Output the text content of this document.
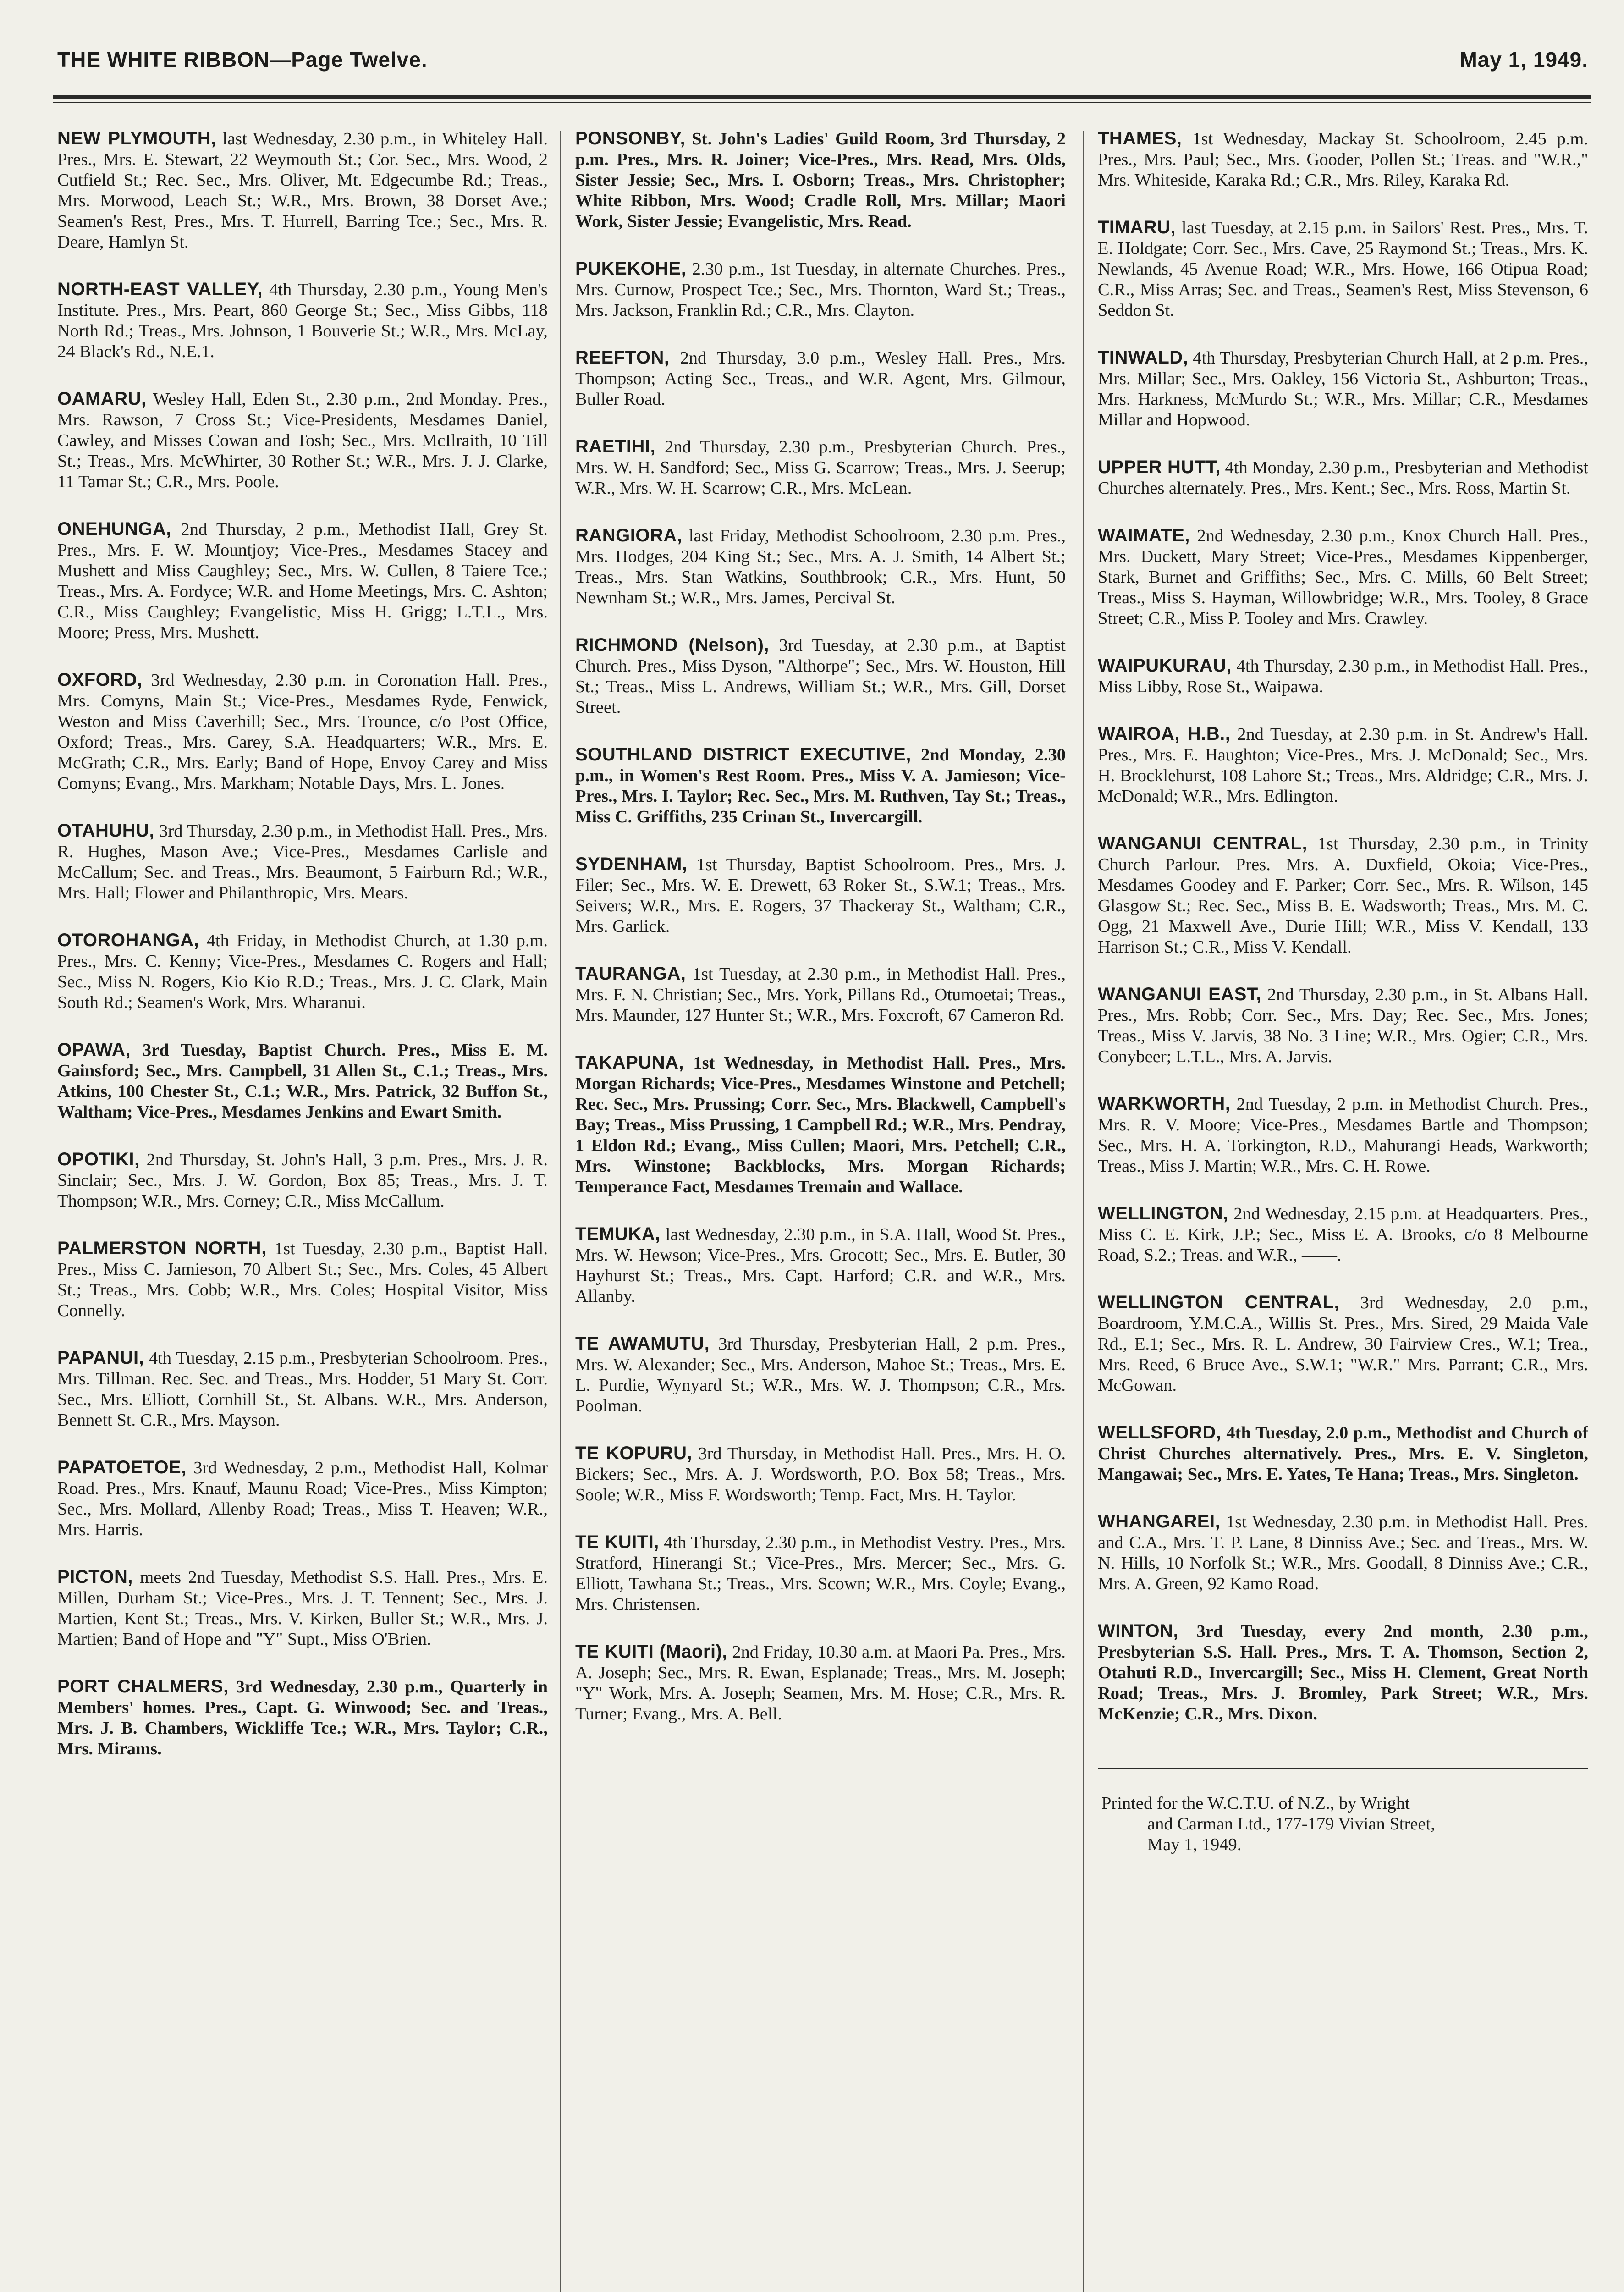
THE WHITE RIBBON—Page Twelve.	May 1, 1949.

NEW PLYMOUTH, last Wednesday, 2.30 p.m., in Whiteley Hall. Pres., Mrs. E. Stewart, 22 Weymouth St.; Cor. Sec., Mrs. Wood, 2 Cutfield St.; Rec. Sec., Mrs. Oliver, Mt. Edgecumbe Rd.; Treas., Mrs. Morwood, Leach St.; W.R., Mrs. Brown, 38 Dorset Ave.; Seamen's Rest, Pres., Mrs. T. Hurrell, Barring Tce.; Sec., Mrs. R. Deare, Hamlyn St.

NORTH-EAST VALLEY, 4th Thursday, 2.30 p.m., Young Men's Institute. Pres., Mrs. Peart, 860 George St.; Sec., Miss Gibbs, 118 North Rd.; Treas., Mrs. Johnson, 1 Bouverie St.; W.R., Mrs. McLay, 24 Black's Rd., N.E.1.

OAMARU, Wesley Hall, Eden St., 2.30 p.m., 2nd Monday. Pres., Mrs. Rawson, 7 Cross St.; Vice-Presidents, Mesdames Daniel, Cawley, and Misses Cowan and Tosh; Sec., Mrs. McIlraith, 10 Till St.; Treas., Mrs. McWhirter, 30 Rother St.; W.R., Mrs. J. J. Clarke, 11 Tamar St.; C.R., Mrs. Poole.

ONEHUNGA, 2nd Thursday, 2 p.m., Methodist Hall, Grey St. Pres., Mrs. F. W. Mountjoy; Vice-Pres., Mesdames Stacey and Mushett and Miss Caughley; Sec., Mrs. W. Cullen, 8 Taiere Tce.; Treas., Mrs. A. Fordyce; W.R. and Home Meetings, Mrs. C. Ashton; C.R., Miss Caughley; Evangelistic, Miss H. Grigg; L.T.L., Mrs. Moore; Press, Mrs. Mushett.

OXFORD, 3rd Wednesday, 2.30 p.m. in Coronation Hall. Pres., Mrs. Comyns, Main St.; Vice-Pres., Mesdames Ryde, Fenwick, Weston and Miss Caverhill; Sec., Mrs. Trounce, c/o Post Office, Oxford; Treas., Mrs. Carey, S.A. Headquarters; W.R., Mrs. E. McGrath; C.R., Mrs. Early; Band of Hope, Envoy Carey and Miss Comyns; Evang., Mrs. Markham; Notable Days, Mrs. L. Jones.

OTAHUHU, 3rd Thursday, 2.30 p.m., in Methodist Hall. Pres., Mrs. R. Hughes, Mason Ave.; Vice-Pres., Mesdames Carlisle and McCallum; Sec. and Treas., Mrs. Beaumont, 5 Fairburn Rd.; W.R., Mrs. Hall; Flower and Philanthropic, Mrs. Mears.

OTOROHANGA, 4th Friday, in Methodist Church, at 1.30 p.m. Pres., Mrs. C. Kenny; Vice-Pres., Mesdames C. Rogers and Hall; Sec., Miss N. Rogers, Kio Kio R.D.; Treas., Mrs. J. C. Clark, Main South Rd.; Seamen's Work, Mrs. Wharanui.

OPAWA, 3rd Tuesday, Baptist Church. Pres., Miss E. M. Gainsford; Sec., Mrs. Campbell, 31 Allen St., C.1.; Treas., Mrs. Atkins, 100 Chester St., C.1.; W.R., Mrs. Patrick, 32 Buffon St., Waltham; Vice-Pres., Mesdames Jenkins and Ewart Smith.

OPOTIKI, 2nd Thursday, St. John's Hall, 3 p.m. Pres., Mrs. J. R. Sinclair; Sec., Mrs. J. W. Gordon, Box 85; Treas., Mrs. J. T. Thompson; W.R., Mrs. Corney; C.R., Miss McCallum.

PALMERSTON NORTH, 1st Tuesday, 2.30 p.m., Baptist Hall. Pres., Miss C. Jamieson, 70 Albert St.; Sec., Mrs. Coles, 45 Albert St.; Treas., Mrs. Cobb; W.R., Mrs. Coles; Hospital Visitor, Miss Connelly.

PAPANUI, 4th Tuesday, 2.15 p.m., Presbyterian Schoolroom. Pres., Mrs. Tillman. Rec. Sec. and Treas., Mrs. Hodder, 51 Mary St. Corr. Sec., Mrs. Elliott, Cornhill St., St. Albans. W.R., Mrs. Anderson, Bennett St. C.R., Mrs. Mayson.

PAPATOETOE, 3rd Wednesday, 2 p.m., Methodist Hall, Kolmar Road. Pres., Mrs. Knauf, Maunu Road; Vice-Pres., Miss Kimpton; Sec., Mrs. Mollard, Allenby Road; Treas., Miss T. Heaven; W.R., Mrs. Harris.

PICTON, meets 2nd Tuesday, Methodist S.S. Hall. Pres., Mrs. E. Millen, Durham St.; Vice-Pres., Mrs. J. T. Tennent; Sec., Mrs. J. Martien, Kent St.; Treas., Mrs. V. Kirken, Buller St.; W.R., Mrs. J. Martien; Band of Hope and "Y" Supt., Miss O'Brien.

PORT CHALMERS, 3rd Wednesday, 2.30 p.m., Quarterly in Members' homes. Pres., Capt. G. Winwood; Sec. and Treas., Mrs. J. B. Chambers, Wickliffe Tce.; W.R., Mrs. Taylor; C.R., Mrs. Mirams.

PONSONBY, St. John's Ladies' Guild Room, 3rd Thursday, 2 p.m. Pres., Mrs. R. Joiner; Vice-Pres., Mrs. Read, Mrs. Olds, Sister Jessie; Sec., Mrs. I. Osborn; Treas., Mrs. Christopher; White Ribbon, Mrs. Wood; Cradle Roll, Mrs. Millar; Maori Work, Sister Jessie; Evangelistic, Mrs. Read.

PUKEKOHE, 2.30 p.m., 1st Tuesday, in alternate Churches. Pres., Mrs. Curnow, Prospect Tce.; Sec., Mrs. Thornton, Ward St.; Treas., Mrs. Jackson, Franklin Rd.; C.R., Mrs. Clayton.

REEFTON, 2nd Thursday, 3.0 p.m., Wesley Hall. Pres., Mrs. Thompson; Acting Sec., Treas., and W.R. Agent, Mrs. Gilmour, Buller Road.

RAETIHI, 2nd Thursday, 2.30 p.m., Presbyterian Church. Pres., Mrs. W. H. Sandford; Sec., Miss G. Scarrow; Treas., Mrs. J. Seerup; W.R., Mrs. W. H. Scarrow; C.R., Mrs. McLean.

RANGIORA, last Friday, Methodist Schoolroom, 2.30 p.m. Pres., Mrs. Hodges, 204 King St.; Sec., Mrs. A. J. Smith, 14 Albert St.; Treas., Mrs. Stan Watkins, Southbrook; C.R., Mrs. Hunt, 50 Newnham St.; W.R., Mrs. James, Percival St.

RICHMOND (Nelson), 3rd Tuesday, at 2.30 p.m., at Baptist Church. Pres., Miss Dyson, "Althorpe"; Sec., Mrs. W. Houston, Hill St.; Treas., Miss L. Andrews, William St.; W.R., Mrs. Gill, Dorset Street.

SOUTHLAND DISTRICT EXECUTIVE, 2nd Monday, 2.30 p.m., in Women's Rest Room. Pres., Miss V. A. Jamieson; Vice-Pres., Mrs. I. Taylor; Rec. Sec., Mrs. M. Ruthven, Tay St.; Treas., Miss C. Griffiths, 235 Crinan St., Invercargill.

SYDENHAM, 1st Thursday, Baptist Schoolroom. Pres., Mrs. J. Filer; Sec., Mrs. W. E. Drewett, 63 Roker St., S.W.1; Treas., Mrs. Seivers; W.R., Mrs. E. Rogers, 37 Thackeray St., Waltham; C.R., Mrs. Garlick.

TAURANGA, 1st Tuesday, at 2.30 p.m., in Methodist Hall. Pres., Mrs. F. N. Christian; Sec., Mrs. York, Pillans Rd., Otumoetai; Treas., Mrs. Maunder, 127 Hunter St.; W.R., Mrs. Foxcroft, 67 Cameron Rd.

TAKAPUNA, 1st Wednesday, in Methodist Hall. Pres., Mrs. Morgan Richards; Vice-Pres., Mesdames Winstone and Petchell; Rec. Sec., Mrs. Prussing; Corr. Sec., Mrs. Blackwell, Campbell's Bay; Treas., Miss Prussing, 1 Campbell Rd.; W.R., Mrs. Pendray, 1 Eldon Rd.; Evang., Miss Cullen; Maori, Mrs. Petchell; C.R., Mrs. Winstone; Backblocks, Mrs. Morgan Richards; Temperance Fact, Mesdames Tremain and Wallace.

TEMUKA, last Wednesday, 2.30 p.m., in S.A. Hall, Wood St. Pres., Mrs. W. Hewson; Vice-Pres., Mrs. Grocott; Sec., Mrs. E. Butler, 30 Hayhurst St.; Treas., Mrs. Capt. Harford; C.R. and W.R., Mrs. Allanby.

TE AWAMUTU, 3rd Thursday, Presbyterian Hall, 2 p.m. Pres., Mrs. W. Alexander; Sec., Mrs. Anderson, Mahoe St.; Treas., Mrs. E. L. Purdie, Wynyard St.; W.R., Mrs. W. J. Thompson; C.R., Mrs. Poolman.

TE KOPURU, 3rd Thursday, in Methodist Hall. Pres., Mrs. H. O. Bickers; Sec., Mrs. A. J. Wordsworth, P.O. Box 58; Treas., Mrs. Soole; W.R., Miss F. Wordsworth; Temp. Fact, Mrs. H. Taylor.

TE KUITI, 4th Thursday, 2.30 p.m., in Methodist Vestry. Pres., Mrs. Stratford, Hinerangi St.; Vice-Pres., Mrs. Mercer; Sec., Mrs. G. Elliott, Tawhana St.; Treas., Mrs. Scown; W.R., Mrs. Coyle; Evang., Mrs. Christensen.

TE KUITI (Maori), 2nd Friday, 10.30 a.m. at Maori Pa. Pres., Mrs. A. Joseph; Sec., Mrs. R. Ewan, Esplanade; Treas., Mrs. M. Joseph; "Y" Work, Mrs. A. Joseph; Seamen, Mrs. M. Hose; C.R., Mrs. R. Turner; Evang., Mrs. A. Bell.

THAMES, 1st Wednesday, Mackay St. Schoolroom, 2.45 p.m. Pres., Mrs. Paul; Sec., Mrs. Gooder, Pollen St.; Treas. and "W.R.," Mrs. Whiteside, Karaka Rd.; C.R., Mrs. Riley, Karaka Rd.

TIMARU, last Tuesday, at 2.15 p.m. in Sailors' Rest. Pres., Mrs. T. E. Holdgate; Corr. Sec., Mrs. Cave, 25 Raymond St.; Treas., Mrs. K. Newlands, 45 Avenue Road; W.R., Mrs. Howe, 166 Otipua Road; C.R., Miss Arras; Sec. and Treas., Seamen's Rest, Miss Stevenson, 6 Seddon St.

TINWALD, 4th Thursday, Presbyterian Church Hall, at 2 p.m. Pres., Mrs. Millar; Sec., Mrs. Oakley, 156 Victoria St., Ashburton; Treas., Mrs. Harkness, McMurdo St.; W.R., Mrs. Millar; C.R., Mesdames Millar and Hopwood.

UPPER HUTT, 4th Monday, 2.30 p.m., Presbyterian and Methodist Churches alternately. Pres., Mrs. Kent.; Sec., Mrs. Ross, Martin St.

WAIMATE, 2nd Wednesday, 2.30 p.m., Knox Church Hall. Pres., Mrs. Duckett, Mary Street; Vice-Pres., Mesdames Kippenberger, Stark, Burnet and Griffiths; Sec., Mrs. C. Mills, 60 Belt Street; Treas., Miss S. Hayman, Willowbridge; W.R., Mrs. Tooley, 8 Grace Street; C.R., Miss P. Tooley and Mrs. Crawley.

WAIPUKURAU, 4th Thursday, 2.30 p.m., in Methodist Hall. Pres., Miss Libby, Rose St., Waipawa.

WAIROA, H.B., 2nd Tuesday, at 2.30 p.m. in St. Andrew's Hall. Pres., Mrs. E. Haughton; Vice-Pres., Mrs. J. McDonald; Sec., Mrs. H. Brocklehurst, 108 Lahore St.; Treas., Mrs. Aldridge; C.R., Mrs. J. McDonald; W.R., Mrs. Edlington.

WANGANUI CENTRAL, 1st Thursday, 2.30 p.m., in Trinity Church Parlour. Pres. Mrs. A. Duxfield, Okoia; Vice-Pres., Mesdames Goodey and F. Parker; Corr. Sec., Mrs. R. Wilson, 145 Glasgow St.; Rec. Sec., Miss B. E. Wadsworth; Treas., Mrs. M. C. Ogg, 21 Maxwell Ave., Durie Hill; W.R., Miss V. Kendall, 133 Harrison St.; C.R., Miss V. Kendall.

WANGANUI EAST, 2nd Thursday, 2.30 p.m., in St. Albans Hall. Pres., Mrs. Robb; Corr. Sec., Mrs. Day; Rec. Sec., Mrs. Jones; Treas., Miss V. Jarvis, 38 No. 3 Line; W.R., Mrs. Ogier; C.R., Mrs. Conybeer; L.T.L., Mrs. A. Jarvis.

WARKWORTH, 2nd Tuesday, 2 p.m. in Methodist Church. Pres., Mrs. R. V. Moore; Vice-Pres., Mesdames Bartle and Thompson; Sec., Mrs. H. A. Torkington, R.D., Mahurangi Heads, Warkworth; Treas., Miss J. Martin; W.R., Mrs. C. H. Rowe.

WELLINGTON, 2nd Wednesday, 2.15 p.m. at Headquarters. Pres., Miss C. E. Kirk, J.P.; Sec., Miss E. A. Brooks, c/o 8 Melbourne Road, S.2.; Treas. and W.R., ——.

WELLINGTON CENTRAL, 3rd Wednesday, 2.0 p.m., Boardroom, Y.M.C.A., Willis St. Pres., Mrs. Sired, 29 Maida Vale Rd., E.1; Sec., Mrs. R. L. Andrew, 30 Fairview Cres., W.1; Trea., Mrs. Reed, 6 Bruce Ave., S.W.1; "W.R." Mrs. Parrant; C.R., Mrs. McGowan.

WELLSFORD, 4th Tuesday, 2.0 p.m., Methodist and Church of Christ Churches alternatively. Pres., Mrs. E. V. Singleton, Mangawai; Sec., Mrs. E. Yates, Te Hana; Treas., Mrs. Singleton.

WHANGAREI, 1st Wednesday, 2.30 p.m. in Methodist Hall. Pres. and C.A., Mrs. T. P. Lane, 8 Dinniss Ave.; Sec. and Treas., Mrs. W. N. Hills, 10 Norfolk St.; W.R., Mrs. Goodall, 8 Dinniss Ave.; C.R., Mrs. A. Green, 92 Kamo Road.

WINTON, 3rd Tuesday, every 2nd month, 2.30 p.m., Presbyterian S.S. Hall. Pres., Mrs. T. A. Thomson, Section 2, Otahuti R.D., Invercargill; Sec., Miss H. Clement, Great North Road; Treas., Mrs. J. Bromley, Park Street; W.R., Mrs. McKenzie; C.R., Mrs. Dixon.

Printed for the W.C.T.U. of N.Z., by Wright
and Carman Ltd., 177-179 Vivian Street,
May 1, 1949.
